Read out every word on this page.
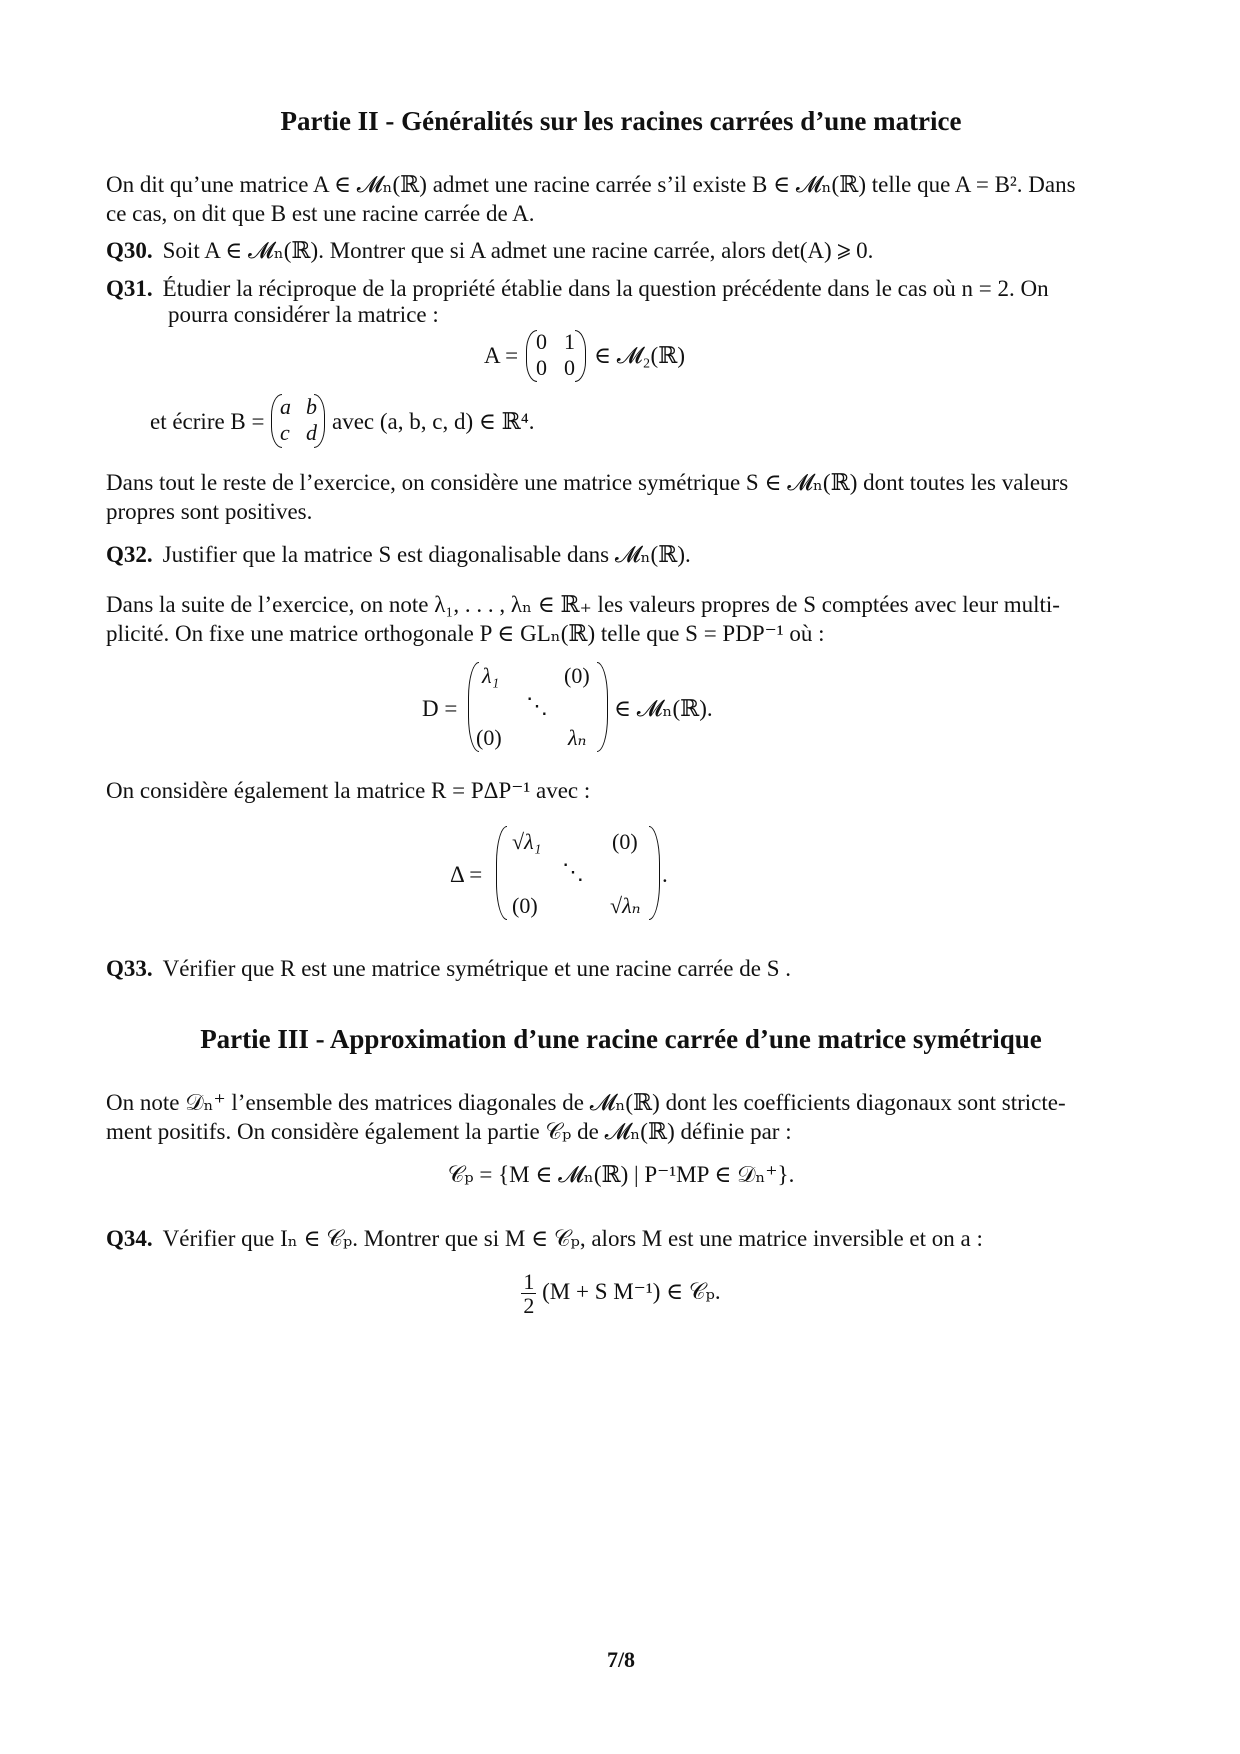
Partie II - Généralités sur les racines carrées d’une matrice

On dit qu’une matrice A ∈ 𝓜ₙ(ℝ) admet une racine carrée s’il existe B ∈ 𝓜ₙ(ℝ) telle que A = B². Dans

ce cas, on dit que B est une racine carrée de A.

Q30. Soit A ∈ 𝓜ₙ(ℝ). Montrer que si A admet une racine carrée, alors det(A) ⩾ 0.
Q31. Étudier la réciproque de la propriété établie dans la question précédente dans le cas où n = 2. On
pourra considérer la matrice :
A =
0 1
0 0 ∈ 𝓜₂(ℝ)
et écrire B =
a b
c d avec (a, b, c, d) ∈ ℝ⁴.

Dans tout le reste de l’exercice, on considère une matrice symétrique S ∈ 𝓜ₙ(ℝ) dont toutes les valeurs

propres sont positives.

Q32. Justifier que la matrice S est diagonalisable dans 𝓜ₙ(ℝ).

Dans la suite de l’exercice, on note λ₁, . . . , λₙ ∈ ℝ₊ les valeurs propres de S comptées avec leur multi-

plicité. On fixe une matrice orthogonale P ∈ GLₙ(ℝ) telle que S = PDP⁻¹ où :

D =
λ₁	(0)
⋱
(0)	λₙ
∈ 𝓜ₙ(ℝ).
On considère également la matrice R = PΔP⁻¹ avec :
Δ =
√λ₁	(0)
⋱
(0)	√λₙ
.
Q33. Vérifier que R est une matrice symétrique et une racine carrée de S .
Partie III - Approximation d’une racine carrée d’une matrice symétrique

On note 𝒟ₙ⁺ l’ensemble des matrices diagonales de 𝓜ₙ(ℝ) dont les coefficients diagonaux sont stricte-

ment positifs. On considère également la partie 𝒞ₚ de 𝓜ₙ(ℝ) définie par :

𝒞ₚ = {M ∈ 𝓜ₙ(ℝ) | P⁻¹MP ∈ 𝒟ₙ⁺}.
Q34. Vérifier que Iₙ ∈ 𝒞ₚ. Montrer que si M ∈ 𝒞ₚ, alors M est une matrice inversible et on a :
$\frac{1}{2} (M + S$ M⁻¹) ∈ 𝒞ₚ.
7/8
